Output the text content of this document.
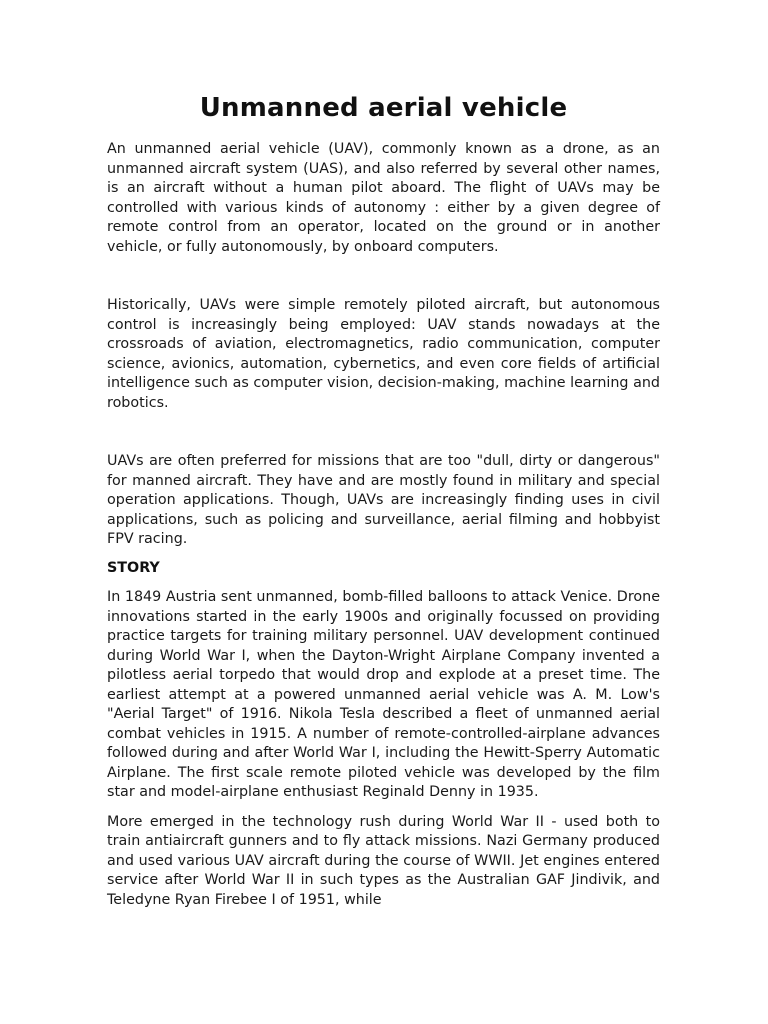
Unmanned aerial vehicle

An unmanned aerial vehicle (UAV), commonly known as a drone, as an unmanned aircraft system (UAS), and also referred by several other names, is an aircraft without a human pilot aboard. The flight of UAVs may be controlled with various kinds of autonomy : either by a given degree of remote control from an operator, located on the ground or in another vehicle, or fully autonomously, by onboard computers.

Historically, UAVs were simple remotely piloted aircraft, but autonomous control is increasingly being employed: UAV stands nowadays at the crossroads of aviation, electromagnetics, radio communication, computer science, avionics, automation, cybernetics, and even core fields of artificial intelligence such as computer vision, decision-making, machine learning and robotics.

UAVs are often preferred for missions that are too "dull, dirty or dangerous" for manned aircraft. They have and are mostly found in military and special operation applications. Though, UAVs are increasingly finding uses in civil applications, such as policing and surveillance, aerial filming and hobbyist FPV racing.

STORY

In 1849 Austria sent unmanned, bomb-filled balloons to attack Venice. Drone innovations started in the early 1900s and originally focussed on providing practice targets for training military personnel. UAV development continued during World War I, when the Dayton-Wright Airplane Company invented a pilotless aerial torpedo that would drop and explode at a preset time. The earliest attempt at a powered unmanned aerial vehicle was A. M. Low's "Aerial Target" of 1916. Nikola Tesla described a fleet of unmanned aerial combat vehicles in 1915. A number of remote-controlled-airplane advances followed during and after World War I, including the Hewitt-Sperry Automatic Airplane. The first scale remote piloted vehicle was developed by the film star and model-airplane enthusiast Reginald Denny in 1935.

More emerged in the technology rush during World War II - used both to train antiaircraft gunners and to fly attack missions. Nazi Germany produced and used various UAV aircraft during the course of WWII. Jet engines entered service after World War II in such types as the Australian GAF Jindivik, and Teledyne Ryan Firebee I of 1951, while
